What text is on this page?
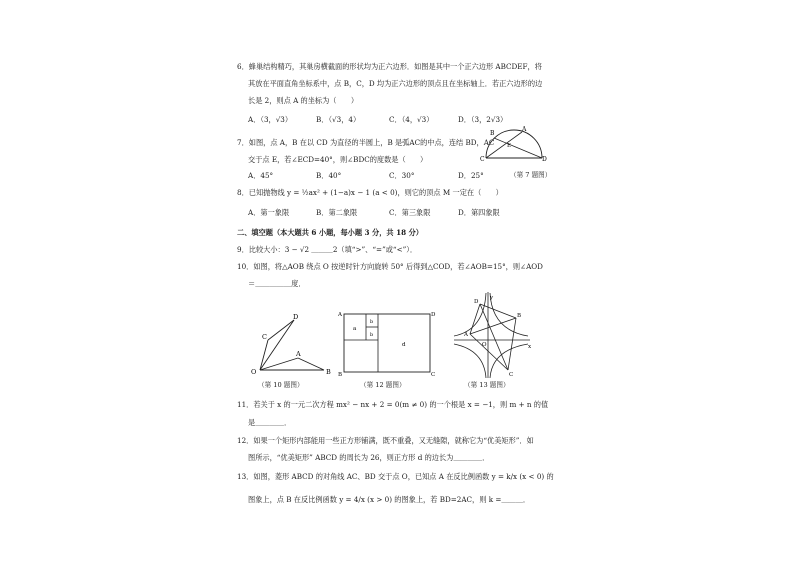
6．蜂巢结构精巧，其巢房横截面的形状均为正六边形．如图是其中一个正六边形 ABCDEF，将
其放在平面直角坐标系中，点 B，C，D 均为正六边形的顶点且在坐标轴上．若正六边形的边
长是 2，则点 A 的坐标为（　　）
A．（3，√3）	B．（√3，4）	C．（4，√3）	D．（3，2√3）
7．如图，点 A，B 在以 CD 为直径的半圆上，B 是弧AC的中点，连结 BD，AC
交于点 E，若∠ECD=40°，则∠BDC的度数是（　　）
A．45°	B．40°	C．30°	D．25°	（第 7 题图）
B
A
E
C	D
8．已知抛物线 y = ½ax² + (1−a)x − 1 (a < 0)，则它的顶点 M 一定在（　　）
A．第一象限	B．第二象限	C．第三象限	D．第四象限
二、填空题（本大题共 6 小题，每小题 3 分，共 18 分）
9．比较大小：3 − √2 ＿＿＿2（填“>”、“=”或“<”）．
10．如图，将△AOB 绕点 O 按逆时针方向旋转 50° 后得到△COD，若∠AOB=15°，则∠AOD
＝＿＿＿＿＿度．
C
D
A
O	B
（第 10 题图）
A	D
B	C
a
b
b
d
（第 12 题图）
y
x
O
A
B
C
D
（第 13 题图）
11．若关于 x 的一元二次方程 mx² − nx + 2 = 0(m ≠ 0) 的一个根是 x = −1，则 m + n 的值
是＿＿＿＿．
12．如果一个矩形内部能用一些正方形铺满，既不重叠，又无缝隙，就称它为“优美矩形”．如
图所示，“优美矩形” ABCD 的周长为 26，则正方形 d 的边长为＿＿＿＿．
13．如图，菱形 ABCD 的对角线 AC、BD 交于点 O，已知点 A 在反比例函数 y = k/x (x < 0) 的
图象上，点 B 在反比例函数 y = 4/x (x > 0) 的图象上，若 BD=2AC，则 k =＿＿＿．
